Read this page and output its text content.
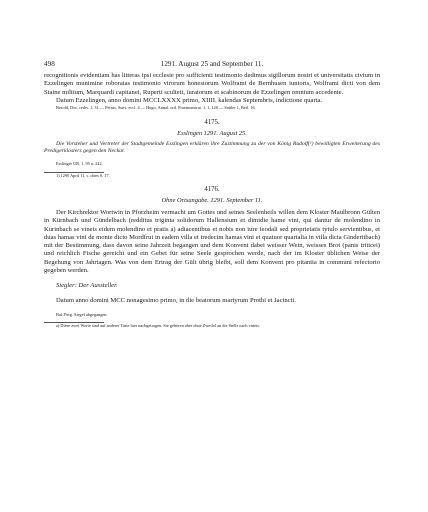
498	1291. August 25 and September 11.

recognitionis evidentiam has litteras ipsi ecclesie pro sufficienti testimonio dedimus sigillorum nostri et universitatis civium in Ezzelingen munimine roboratas testimonio virorum honestorum Wolframi de Bernhusen iunioris, Wolframi dicti von dem Staine militum, Marquardi capitanei, Ruperti sculteti, iuratorum et scabinorum de Ezzelingen omnium accedente.

Datum Ezzelingen, anno domini MCCLXXXX primo, XIIII. kalendas Septembris, indictione quarta.

Besold, Doc. rediv. 1, 31 — Petrus, Suev. eccl. 4 — Hugo, Annal. ord. Praemonstrat. 1, 1, 120 — Sattler 1, Beil. 16.

4175.
Esslingen 1291. August 25.

Die Vorsteher und Vertreter der Stadtgemeinde Esslingen erklären ihre Zustimmung zu der von König Rudolf(¹) bewilligten Erweiterung des Predigerklosters gegen den Neckar.

Esslinger UB. 1, 95 n. 242.

1) 1290 April 11, s. oben S. 17.

4176.
Ohne Ortsangabe. 1291. September 11.

Der Kirchrektor Wortwin in Pforzheim vermacht um Gottes und seines Seelenheils willen dem Kloster Maulbronn Gülten in Kürnbach und Gündelbach (redditus triginta solidorum Hallensium et dimidie hame vini, qui dantur de molendino in Kurinbach se vineis eidem molendino et pratis a) adiacentibus et nobis non iure feodali sed proprietatis tytulo servientibus, et duas hamas vini de monte dicto Mordfrut in eadem villa et tredecim hamas vini et quatuor quartalia in villa dicta Ginderitbach) mit der Bestimmung, dass davon seine Jahrzeit begangen und dem Konvent dabei weisser Wein, weisses Brot (panis triticei) und reichlich Fische gereicht und ein Gebet für seine Seele gesprochen werde, nach der im Kloster üblichen Weise der Begehung von Jahrtagen. Was von dem Ertrag der Gült übrig bleibt, soll dem Konvent pro pitantia in communi refectorio gegeben werden.

Siegler: Der Aussteller.

Datum anno domini MCC nonagesimo primo, in die beatorum martyrum Prothi et Jacincti.

Bal. Perg. Siegel abgegangen.

a) Diese zwei Worte sind auf anderer Tinte hier nachgetragen. Sie gehören aber ohne Zweifel an die Stelle nach vineis.
